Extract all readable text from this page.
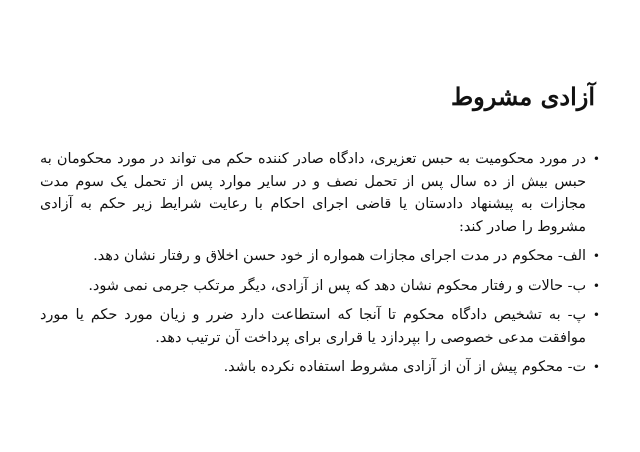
آزادی مشروط
•
در مورد محکومیت به حبس تعزیری، دادگاه صادر کننده حکم می تواند در مورد محکومان به حبس بیش از ده سال پس از تحمل نصف و در سایر موارد پس از تحمل یک سوم مدت مجازات به پیشنهاد دادستان یا قاضی اجرای احکام با رعایت شرایط زیر حکم به آزادی مشروط را صادر کند:
•
الف- محکوم در مدت اجرای مجازات همواره از خود حسن اخلاق و رفتار نشان دهد.
•
ب- حالات و رفتار محکوم نشان دهد که پس از آزادی، دیگر مرتکب جرمی نمی شود.
•
پ- به تشخیص دادگاه محکوم تا آنجا که استطاعت دارد ضرر و زیان مورد حکم یا مورد موافقت مدعی خصوصی را بپردازد یا قراری برای پرداخت آن ترتیب دهد.
•
ت- محکوم پیش از آن از آزادی مشروط استفاده نکرده باشد.
